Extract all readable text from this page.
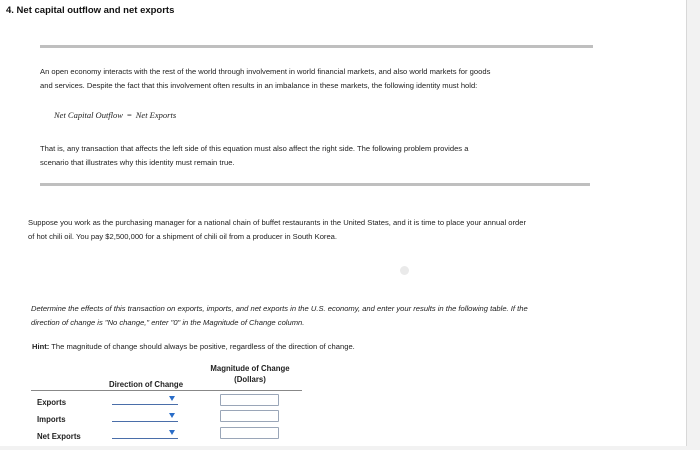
4. Net capital outflow and net exports
An open economy interacts with the rest of the world through involvement in world financial markets, and also world markets for goods
and services. Despite the fact that this involvement often results in an imbalance in these markets, the following identity must hold:
Net Capital Outflow = Net Exports
That is, any transaction that affects the left side of this equation must also affect the right side. The following problem provides a
scenario that illustrates why this identity must remain true.
Suppose you work as the purchasing manager for a national chain of buffet restaurants in the United States, and it is time to place your annual order
of hot chili oil. You pay $2,500,000 for a shipment of chili oil from a producer in South Korea.
Determine the effects of this transaction on exports, imports, and net exports in the U.S. economy, and enter your results in the following table. If the
direction of change is "No change," enter "0" in the Magnitude of Change column.
Hint: The magnitude of change should always be positive, regardless of the direction of change.
Magnitude of Change
(Dollars)
Direction of Change
Exports
Imports
Net Exports
